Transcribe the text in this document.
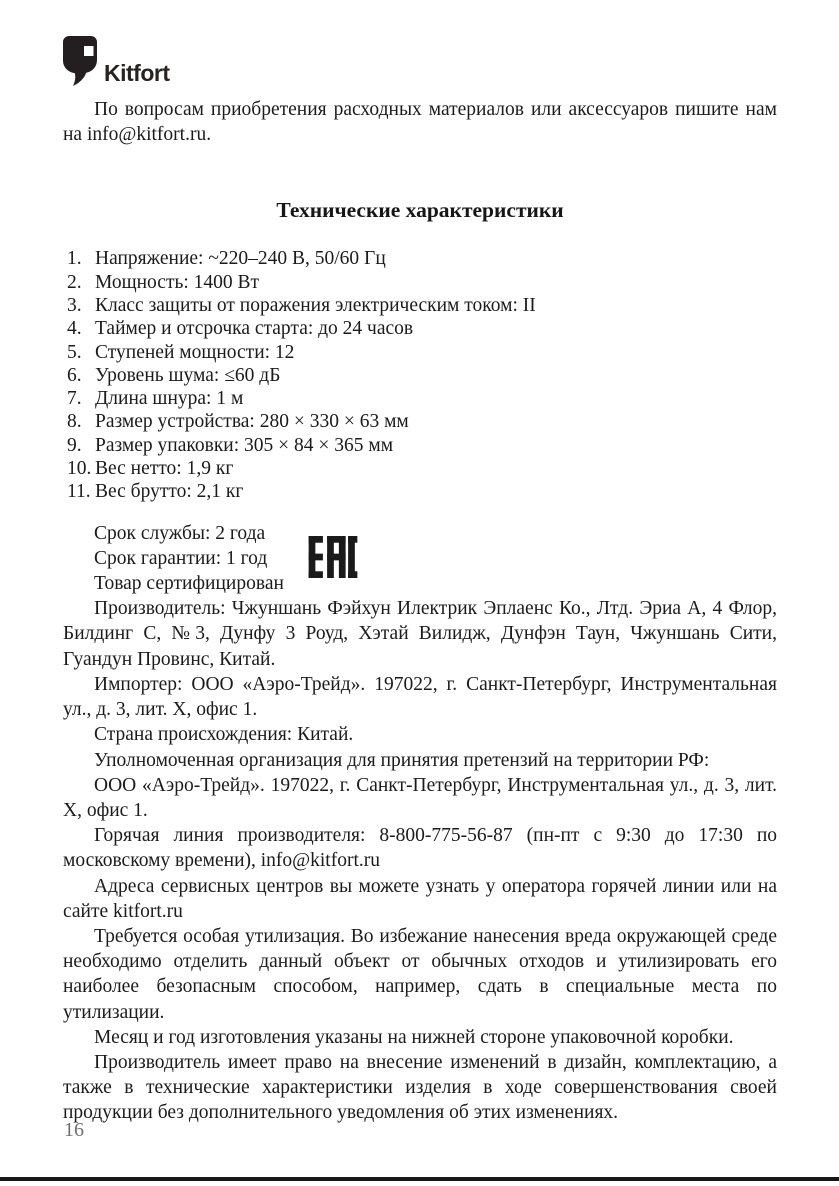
Kitfort

По вопросам приобретения расходных материалов или аксессуаров пишите нам на info@kitfort.ru.

Технические характеристики
Напряжение: ~220–240 В, 50/60 Гц
Мощность: 1400 Вт
Класс защиты от поражения электрическим током: II
Таймер и отсрочка старта: до 24 часов
Ступеней мощности: 12
Уровень шума: ≤60 дБ
Длина шнура: 1 м
Размер устройства: 280 × 330 × 63 мм
Размер упаковки: 305 × 84 × 365 мм
Вес нетто: 1,9 кг
Вес брутто: 2,1 кг
Срок службы: 2 года
Срок гарантии: 1 год
Товар сертифицирован

Производитель: Чжуншань Фэйхун Илектрик Эплаенс Ко., Лтд. Эриа А, 4 Флор, Билдинг С, №3, Дунфу 3 Роуд, Хэтай Вилидж, Дунфэн Таун, Чжуншань Сити, Гуандун Провинс, Китай.

Импортер: ООО «Аэро-Трейд». 197022, г. Санкт-Петербург, Инструментальная ул., д. 3, лит. Х, офис 1.

Страна происхождения: Китай.

Уполномоченная организация для принятия претензий на территории РФ:

ООО «Аэро-Трейд». 197022, г. Санкт-Петербург, Инструментальная ул., д. 3, лит. Х, офис 1.

Горячая линия производителя: 8-800-775-56-87 (пн-пт с 9:30 до 17:30 по московскому времени), info@kitfort.ru

Адреса сервисных центров вы можете узнать у оператора горячей линии или на сайте kitfort.ru

Требуется особая утилизация. Во избежание нанесения вреда окружающей среде необходимо отделить данный объект от обычных отходов и утилизировать его наиболее безопасным способом, например, сдать в специальные места по утилизации.

Месяц и год изготовления указаны на нижней стороне упаковочной коробки.

Производитель имеет право на внесение изменений в дизайн, комплектацию, а также в технические характеристики изделия в ходе совершенствования своей продукции без дополнительного уведомления об этих изменениях.

16
